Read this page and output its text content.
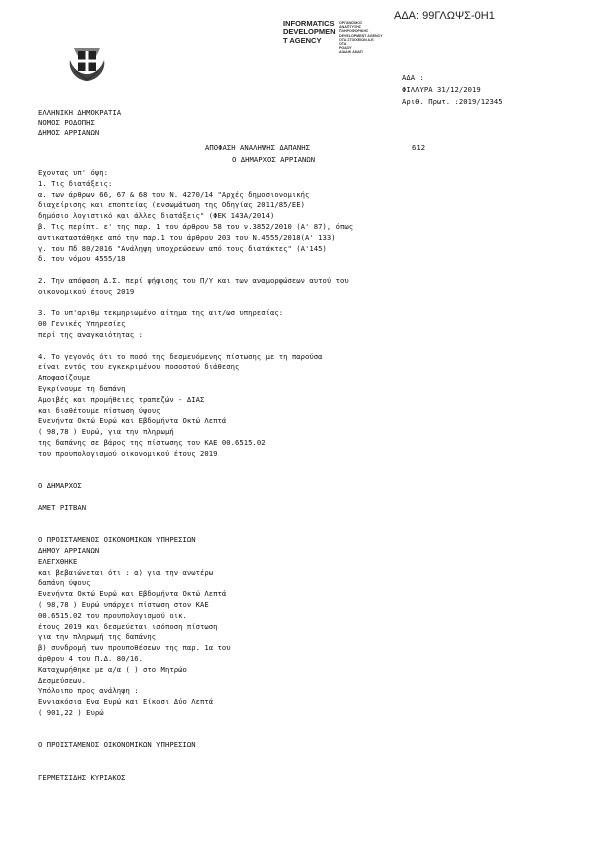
ΑΔΑ: 99ΓΛΩΨΣ-0Η1
INFORMATICS
DEVELOPMEN
T AGENCY
ΟΡΓΑΝΙΣΜΟΣ
ΑΝΑΠΤΥΞΗΣ
ΠΛΗΡΟΦΟΡΙΚΗΣ
DEVELOPMENT AGENCY
ΟΤΑ ΣΤΟΙΧΕΙΩΝ Α.Ε.
ΟΤΑ
ΡΟΔΟΥ
ΔΙΑΔΙΚ ΑΝΑΠ
ΑΔΑ :
ΦΙΛΛΥΡΑ 31/12/2019
Αριθ. Πρωτ. :2019/12345
ΕΛΛΗΝΙΚΗ ΔΗΜΟΚΡΑΤΙΑ
ΝΟΜΟΣ ΡΟΔΟΠΗΣ
ΔΗΜΟΣ ΑΡΡΙΑΝΩΝ
ΑΠΟΦΑΣΗ ΑΝΑΛΗΨΗΣ ΔΑΠΑΝΗΣ	612
Ο ΔΗΜΑΡΧΟΣ ΑΡΡΙΑΝΩΝ
Εχοντας υπ' όψη:
1. Τις διατάξεις:
α. των άρθρων 66, 67 & 68 του Ν. 4270/14 "Αρχές δημοσιονομικής
διαχείρισης και εποπτείας (ενσωμάτωση της Οδηγίας 2011/85/ΕΕ)
δημόσιο λογιστικό και άλλες διατάξεις" (ΦΕΚ 143Α/2014)
β. Τις περίπτ. ε' της παρ. 1 του άρθρου 58 του ν.3852/2010 (Α' 87), όπως
αντικαταστάθηκε από την παρ.1 του άρθρου 203 του Ν.4555/2018(Α' 133)
γ. του Πδ 80/2016 "Ανάληψη υποχρεώσεων από τους διατάκτες" (Α'145)
δ. του νόμου 4555/18
2. Την απόφαση Δ.Σ. περί ψήφισης του Π/Υ και των αναμορφώσεων αυτού του
οικονομικού έτους 2019
3. Το υπ'αριθμ τεκμηριωμένο αίτημα της αιτ/ωσ υπηρεσίας:
00 Γενικές Υπηρεσίες
περί της αναγκαιότητας :
4. Το γεγονός ότι το ποσό της δεσμευόμενης πίστωσης με τη παρούσα
είναι εντός του εγκεκριμένου ποσοστού διάθεσης
Αποφασίζουμε
Εγκρίνουμε τη δαπάνη
Αμοιβές και προμήθειες τραπεζών - ΔΙΑΣ
και διαθέτουμε πίστωση ύψους
Ενενήντα Οκτώ Ευρώ και Εβδομήντα Οκτώ Λεπτά
( 98,78 ) Ευρώ, για την πληρωμή
της δαπάνης σε βάρος της πίστωσης του ΚΑΕ 00.6515.02
του προυπολογισμού οικονομικού έτους 2019
Ο ΔΗΜΑΡΧΟΣ
ΑΜΕΤ ΡΙΤΒΑΝ
Ο ΠΡΟΙΣΤΑΜΕΝΟΣ ΟΙΚΟΝΟΜΙΚΩΝ ΥΠΗΡΕΣΙΩΝ
ΔΗΜΟΥ ΑΡΡΙΑΝΩΝ
ΕΛΕΓΧΘΗΚΕ
και βεβαιώνεται ότι : α) για την ανωτέρω
δαπάνη ύψους
Ενενήντα Οκτώ Ευρώ και Εβδομήντα Οκτώ Λεπτά
( 98,78 ) Ευρώ υπάρχει πίστωση στον ΚΑΕ
00.6515.02 του προυπολογισμού οικ.
έτους 2019 και δεσμεύεται ισόποση πίστωση
για την πληρωμή της δαπάνης
β) συνδρομή των προυποθέσεων της παρ. 1α του
άρθρου 4 του Π.Δ. 80/16.
Καταχωρήθηκε με α/α ( ) στο Μητρώο
Δεσμεύσεων.
Υπόλοιπο προς ανάληψη :
Εννιακόσια Ενα Ευρώ και Είκοσι Δύο Λεπτά
( 901,22 ) Ευρώ
Ο ΠΡΟΙΣΤΑΜΕΝΟΣ ΟΙΚΟΝΟΜΙΚΩΝ ΥΠΗΡΕΣΙΩΝ
ΓΕΡΜΕΤΣΙΔΗΣ ΚΥΡΙΑΚΟΣ
